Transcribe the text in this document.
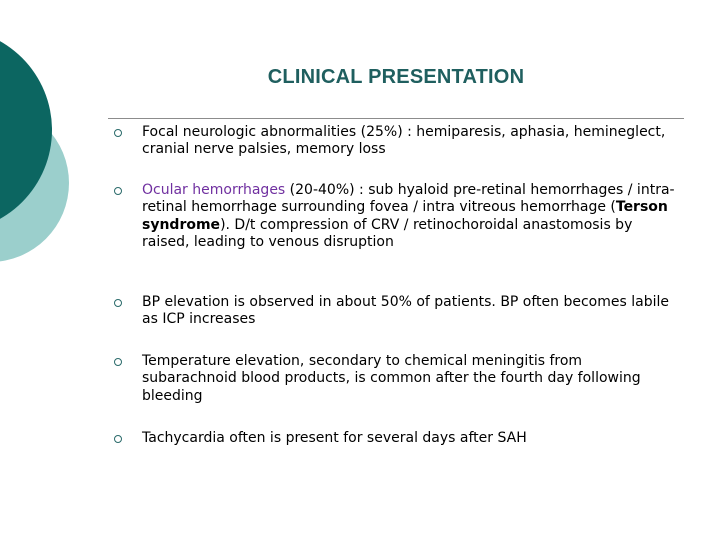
CLINICAL PRESENTATION
Focal neurologic abnormalities (25%) : hemiparesis, aphasia, hemineglect, cranial nerve palsies, memory loss
Ocular hemorrhages (20-40%) : sub hyaloid pre-retinal hemorrhages / intra-retinal hemorrhage surrounding fovea / intra vitreous hemorrhage (Terson syndrome). D/t compression of CRV / retinochoroidal anastomosis by raised, leading to venous disruption
BP elevation is observed in about 50% of patients. BP often becomes labile as ICP increases
Temperature elevation, secondary to chemical meningitis from subarachnoid blood products, is common after the fourth day following bleeding
Tachycardia often is present for several days after SAH
